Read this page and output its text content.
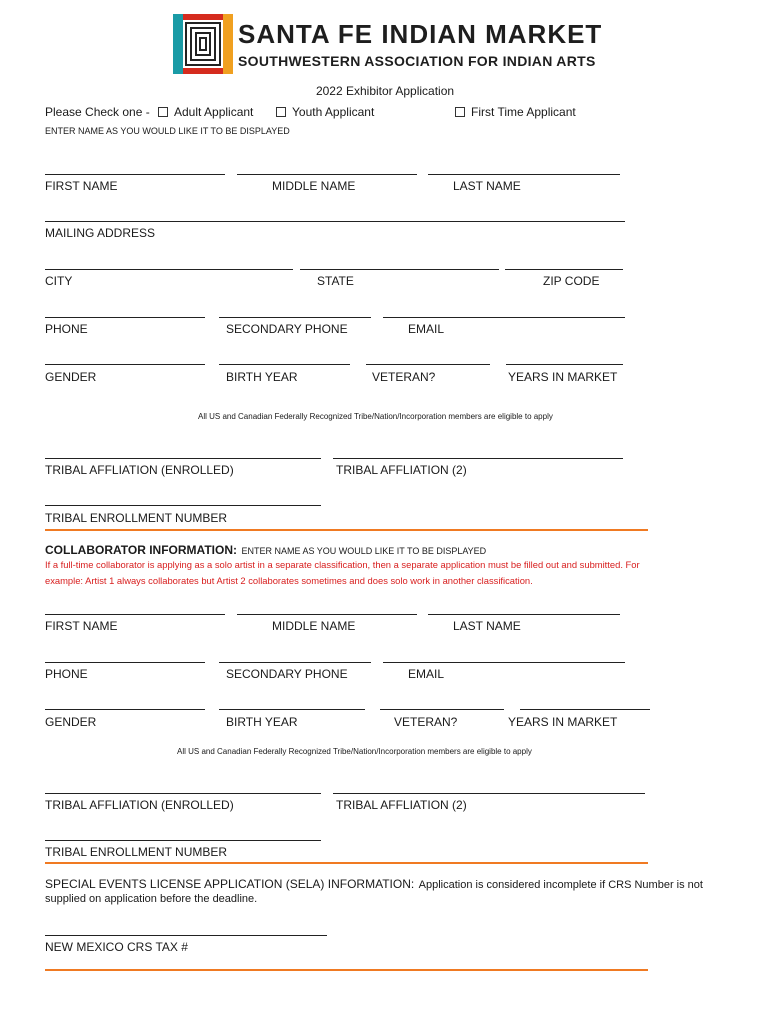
SANTA FE INDIAN MARKET
SOUTHWESTERN ASSOCIATION FOR INDIAN ARTS
2022 Exhibitor Application
Please Check one -	Adult Applicant	Youth Applicant	First Time Applicant
ENTER NAME AS YOU WOULD LIKE IT TO BE DISPLAYED
FIRST NAME	MIDDLE NAME	LAST NAME
MAILING ADDRESS
CITY	STATE	ZIP CODE
PHONE	SECONDARY PHONE	EMAIL
GENDER	BIRTH YEAR	VETERAN?	YEARS IN MARKET
All US and Canadian Federally Recognized Tribe/Nation/Incorporation members are eligible to apply
TRIBAL AFFLIATION (ENROLLED)	TRIBAL AFFLIATION (2)
TRIBAL ENROLLMENT NUMBER
COLLABORATOR INFORMATION: ENTER NAME AS YOU WOULD LIKE IT TO BE DISPLAYED
If a full-time collaborator is applying as a solo artist in a separate classification, then a separate application must be filled out and submitted. For
example: Artist 1 always collaborates but Artist 2 collaborates sometimes and does solo work in another classification.
FIRST NAME	MIDDLE NAME	LAST NAME
PHONE	SECONDARY PHONE	EMAIL
GENDER	BIRTH YEAR	VETERAN?	YEARS IN MARKET
All US and Canadian Federally Recognized Tribe/Nation/Incorporation members are eligible to apply
TRIBAL AFFLIATION (ENROLLED)	TRIBAL AFFLIATION (2)
TRIBAL ENROLLMENT NUMBER
SPECIAL EVENTS LICENSE APPLICATION (SELA) INFORMATION: Application is considered incomplete if CRS Number is not
supplied on application before the deadline.
NEW MEXICO CRS TAX #
